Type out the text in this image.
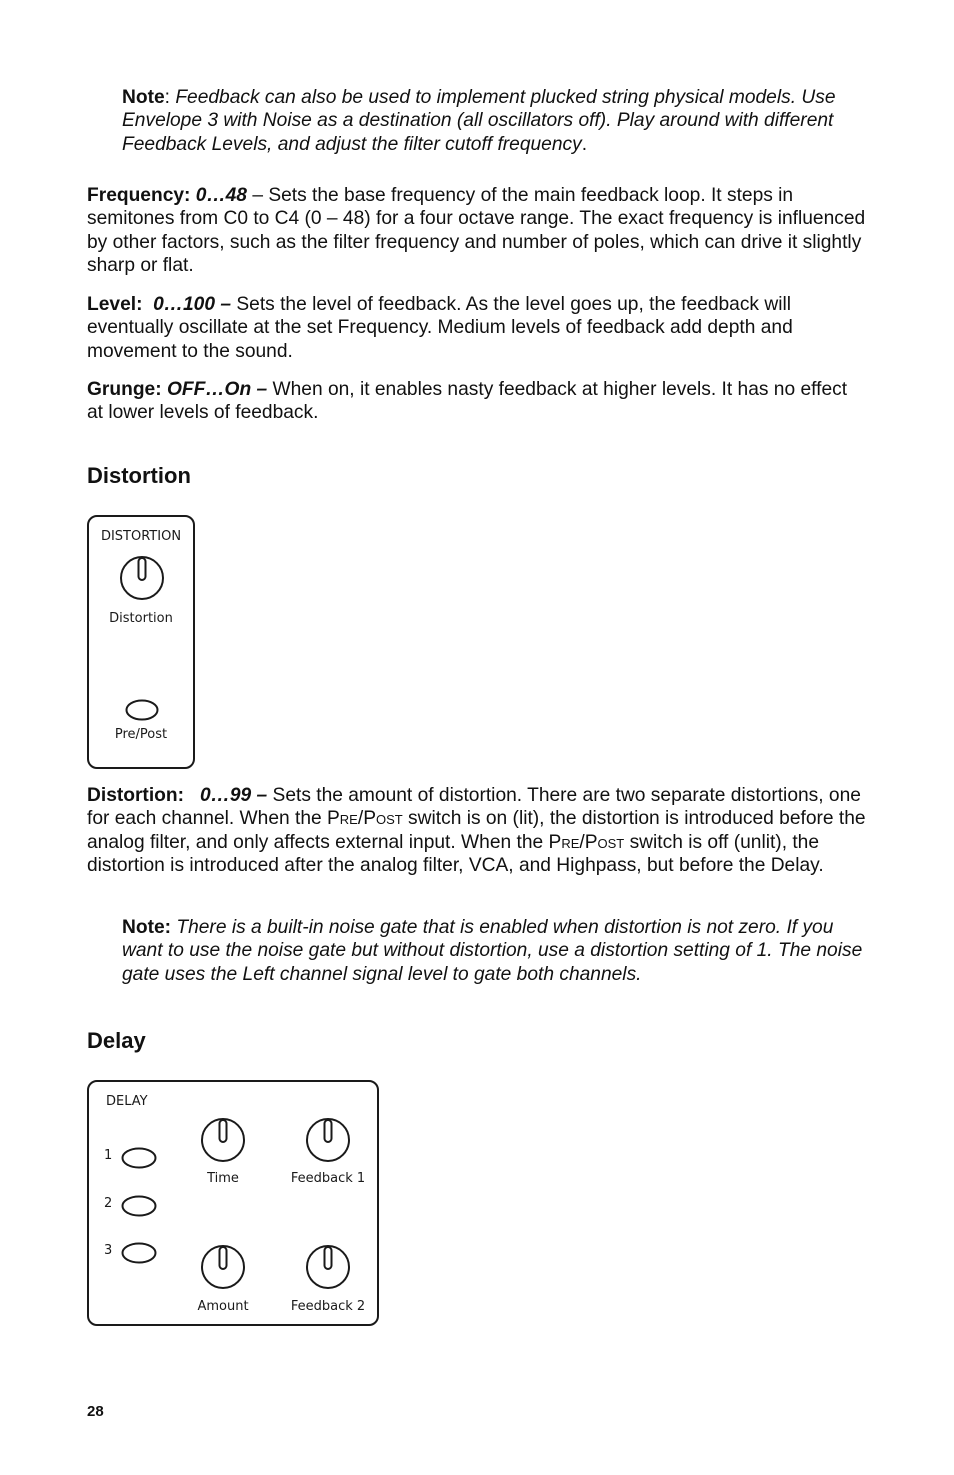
Note: Feedback can also be used to implement plucked string physical models. Use Envelope 3 with Noise as a destination (all oscillators off). Play around with different Feedback Levels, and adjust the filter cutoff frequency.

Frequency: 0…48 – Sets the base frequency of the main feedback loop. It steps in semitones from C0 to C4 (0 – 48) for a four octave range. The exact frequency is influenced by other factors, such as the filter frequency and number of poles, which can drive it slightly sharp or flat.

Level: 0…100 – Sets the level of feedback. As the level goes up, the feedback will eventually oscillate at the set Frequency. Medium levels of feedback add depth and movement to the sound.

Grunge: OFF…On – When on, it enables nasty feedback at higher levels. It has no effect at lower levels of feedback.

Distortion
DISTORTION
Distortion
Pre/Post

Distortion: 0…99 – Sets the amount of distortion. There are two separate distortions, one for each channel. When the Pre/Post switch is on (lit), the distortion is introduced before the analog filter, and only affects external input. When the Pre/Post switch is off (unlit), the distortion is introduced after the analog filter, VCA, and Highpass, but before the Delay.

Note: There is a built-in noise gate that is enabled when distortion is not zero. If you want to use the noise gate but without distortion, use a distortion setting of 1. The noise gate uses the Left channel signal level to gate both channels.

Delay
DELAY
1
2
3
Time	Feedback 1
Amount	Feedback 2
28
